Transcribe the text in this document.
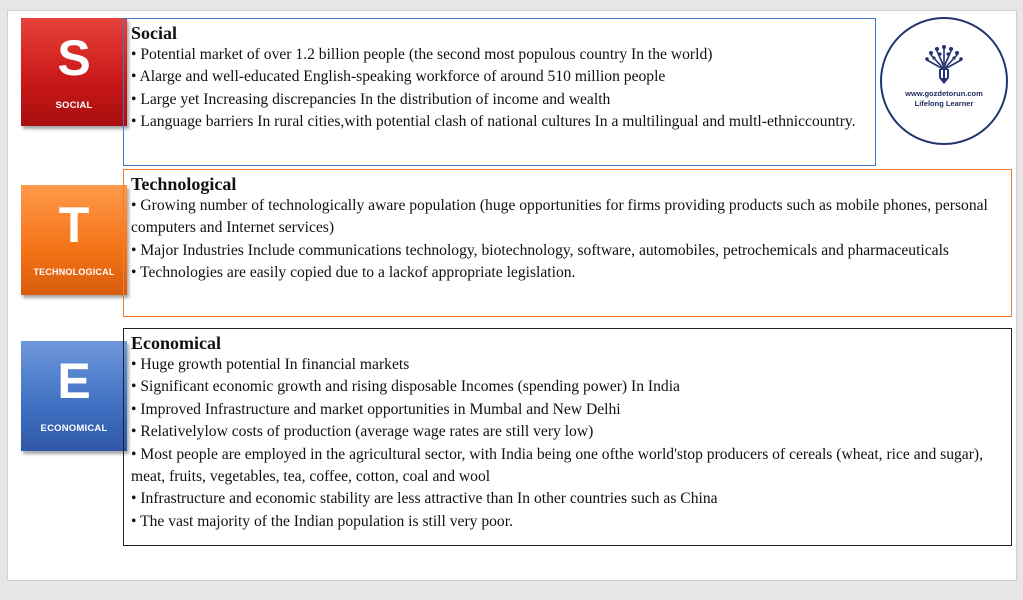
S
SOCIAL
Social
• Potential market of over 1.2 billion people (the second most populous country In the world)
• Alarge and well-educated English-speaking workforce of around 510 million people
• Large yet Increasing discrepancies In the distribution of income and wealth
• Language barriers In rural cities,with potential clash of national cultures In a multilingual and multl-ethniccountry.
www.gozdetorun.com
Lifelong Learner
T
TECHNOLOGICAL
Technological
• Growing number of technologically aware population (huge opportunities for firms providing products such as mobile phones, personal computers and Internet services)
• Major Industries Include communications technology, biotechnology, software, automobiles, petrochemicals and pharmaceuticals
• Technologies are easily copied due to a lackof appropriate legislation.
E
ECONOMICAL
Economical
• Huge growth potential In financial markets
• Significant economic growth and rising disposable Incomes (spending power) In India
• Improved Infrastructure and market opportunities in Mumbal and New Delhi
• Relativelylow costs of production (average wage rates are still very low)
• Most people are employed in the agricultural sector, with India being one ofthe world'stop producers of cereals (wheat, rice and sugar), meat, fruits, vegetables, tea, coffee, cotton, coal and wool
• Infrastructure and economic stability are less attractive than In other countries such as China
• The vast majority of the Indian population is still very poor.
